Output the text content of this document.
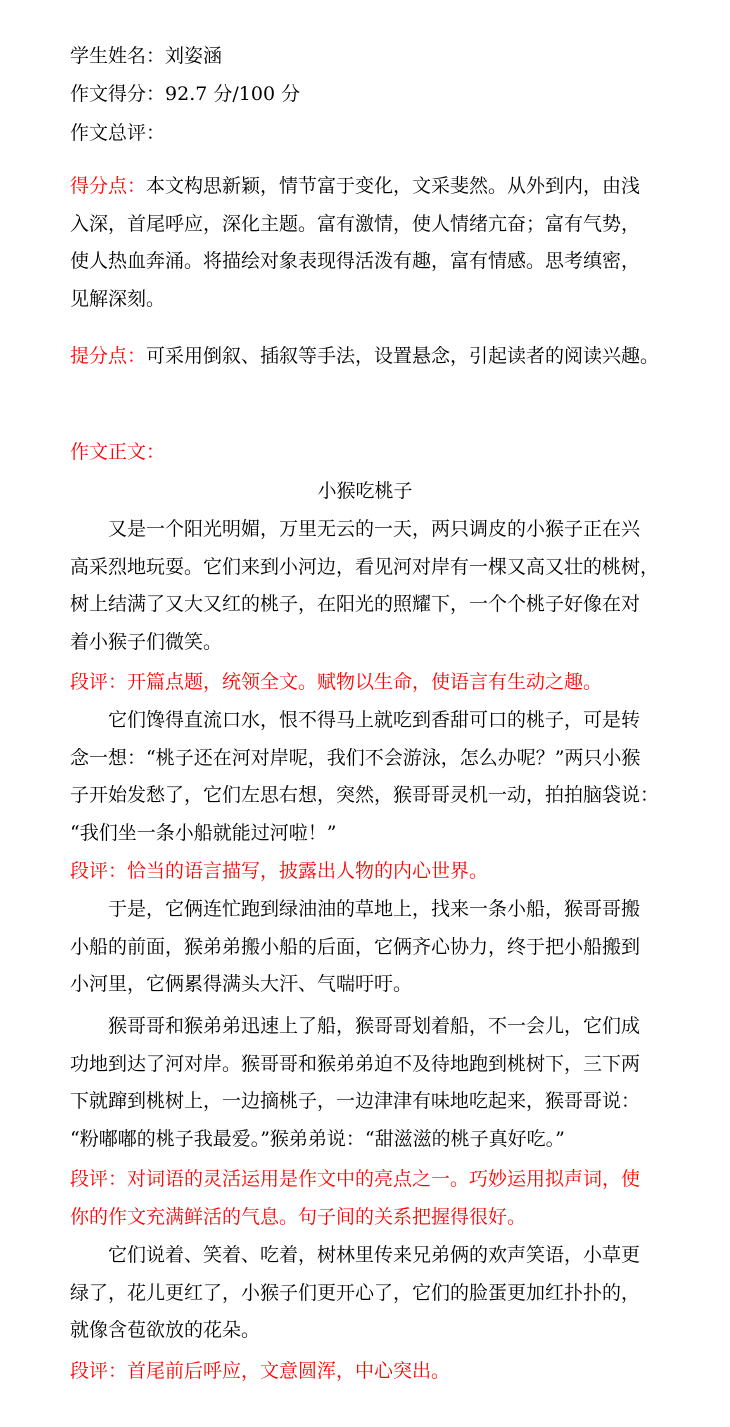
学生姓名：刘姿涵
作文得分：92.7 分/100 分
作文总评：
得分点：本文构思新颖，情节富于变化，文采斐然。从外到内，由浅
入深，首尾呼应，深化主题。富有激情，使人情绪亢奋；富有气势，
使人热血奔涌。将描绘对象表现得活泼有趣，富有情感。思考缜密，
见解深刻。
提分点：可采用倒叙、插叙等手法，设置悬念，引起读者的阅读兴趣。
作文正文：
小猴吃桃子
　　又是一个阳光明媚，万里无云的一天，两只调皮的小猴子正在兴
高采烈地玩耍。它们来到小河边，看见河对岸有一棵又高又壮的桃树，
树上结满了又大又红的桃子，在阳光的照耀下，一个个桃子好像在对
着小猴子们微笑。
段评：开篇点题，统领全文。赋物以生命，使语言有生动之趣。
　　它们馋得直流口水，恨不得马上就吃到香甜可口的桃子，可是转
念一想：“桃子还在河对岸呢，我们不会游泳，怎么办呢？”两只小猴
子开始发愁了，它们左思右想，突然，猴哥哥灵机一动，拍拍脑袋说：
“我们坐一条小船就能过河啦！”
段评：恰当的语言描写，披露出人物的内心世界。
　　于是，它俩连忙跑到绿油油的草地上，找来一条小船，猴哥哥搬
小船的前面，猴弟弟搬小船的后面，它俩齐心协力，终于把小船搬到
小河里，它俩累得满头大汗、气喘吁吁。
　　猴哥哥和猴弟弟迅速上了船，猴哥哥划着船，不一会儿，它们成
功地到达了河对岸。猴哥哥和猴弟弟迫不及待地跑到桃树下，三下两
下就蹿到桃树上，一边摘桃子，一边津津有味地吃起来，猴哥哥说：
“粉嘟嘟的桃子我最爱。”猴弟弟说：“甜滋滋的桃子真好吃。”
段评：对词语的灵活运用是作文中的亮点之一。巧妙运用拟声词，使
你的作文充满鲜活的气息。句子间的关系把握得很好。
　　它们说着、笑着、吃着，树林里传来兄弟俩的欢声笑语，小草更
绿了，花儿更红了，小猴子们更开心了，它们的脸蛋更加红扑扑的，
就像含苞欲放的花朵。
段评：首尾前后呼应，文意圆浑，中心突出。
